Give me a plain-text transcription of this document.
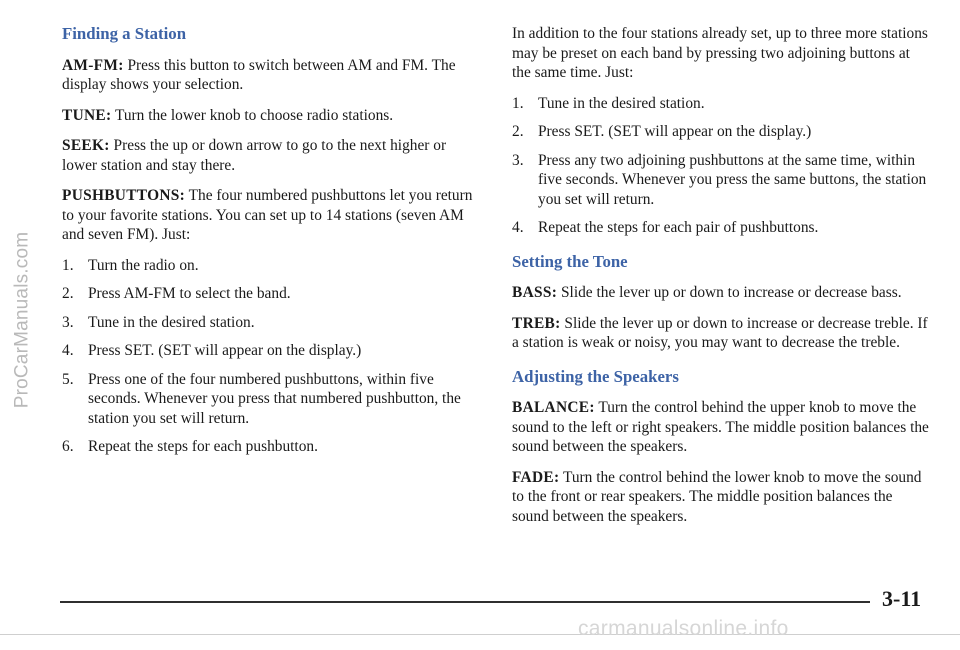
ProCarManuals.com
Finding a Station

AM-FM: Press this button to switch between AM and FM. The display shows your selection.

TUNE: Turn the lower knob to choose radio stations.

SEEK: Press the up or down arrow to go to the next higher or lower station and stay there.

PUSHBUTTONS: The four numbered pushbuttons let you return to your favorite stations. You can set up to 14 stations (seven AM and seven FM). Just:

1. Turn the radio on.
2. Press AM-FM to select the band.
3. Tune in the desired station.
4. Press SET. (SET will appear on the display.)
5. Press one of the four numbered pushbuttons, within five seconds. Whenever you press that numbered pushbutton, the station you set will return.
6. Repeat the steps for each pushbutton.

In addition to the four stations already set, up to three more stations may be preset on each band by pressing two adjoining buttons at the same time. Just:

1. Tune in the desired station.
2. Press SET. (SET will appear on the display.)
3. Press any two adjoining pushbuttons at the same time, within five seconds. Whenever you press the same buttons, the station you set will return.
4. Repeat the steps for each pair of pushbuttons.
Setting the Tone

BASS: Slide the lever up or down to increase or decrease bass.

TREB: Slide the lever up or down to increase or decrease treble. If a station is weak or noisy, you may want to decrease the treble.

Adjusting the Speakers

BALANCE: Turn the control behind the upper knob to move the sound to the left or right speakers. The middle position balances the sound between the speakers.

FADE: Turn the control behind the lower knob to move the sound to the front or rear speakers. The middle position balances the sound between the speakers.

3-11
carmanualsonline.info
